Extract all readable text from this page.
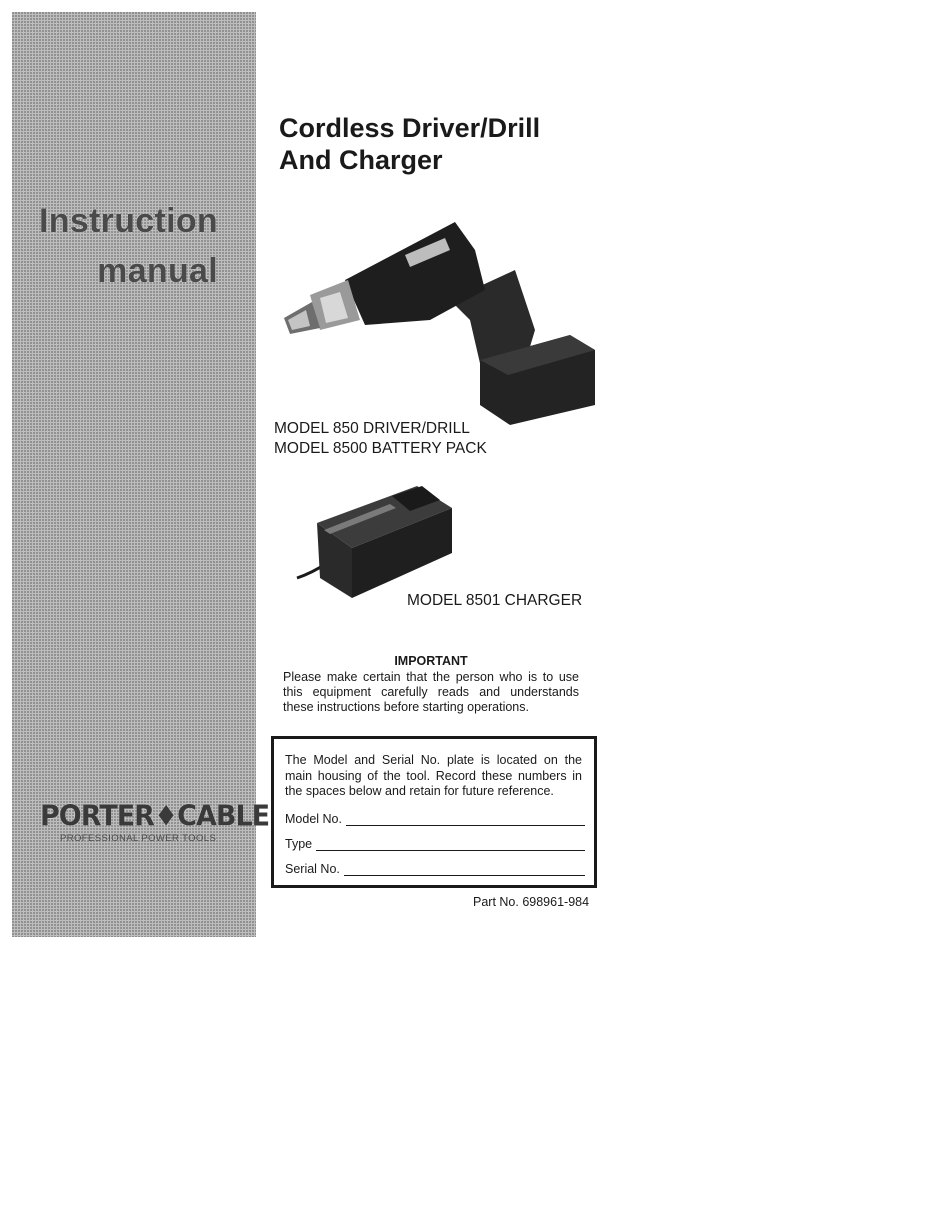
Instruction
manual
PORTER♦CABLE
PROFESSIONAL POWER TOOLS
Cordless Driver/Drill
And Charger
MODEL 850 DRIVER/DRILL
MODEL 8500 BATTERY PACK
MODEL 8501 CHARGER
IMPORTANT
Please make certain that the person who is to use this equipment carefully reads and understands these instructions before starting operations.
The Model and Serial No. plate is located on the main housing of the tool. Record these numbers in the spaces below and retain for future reference.
Model No.
Type
Serial No.
Part No. 698961-984
